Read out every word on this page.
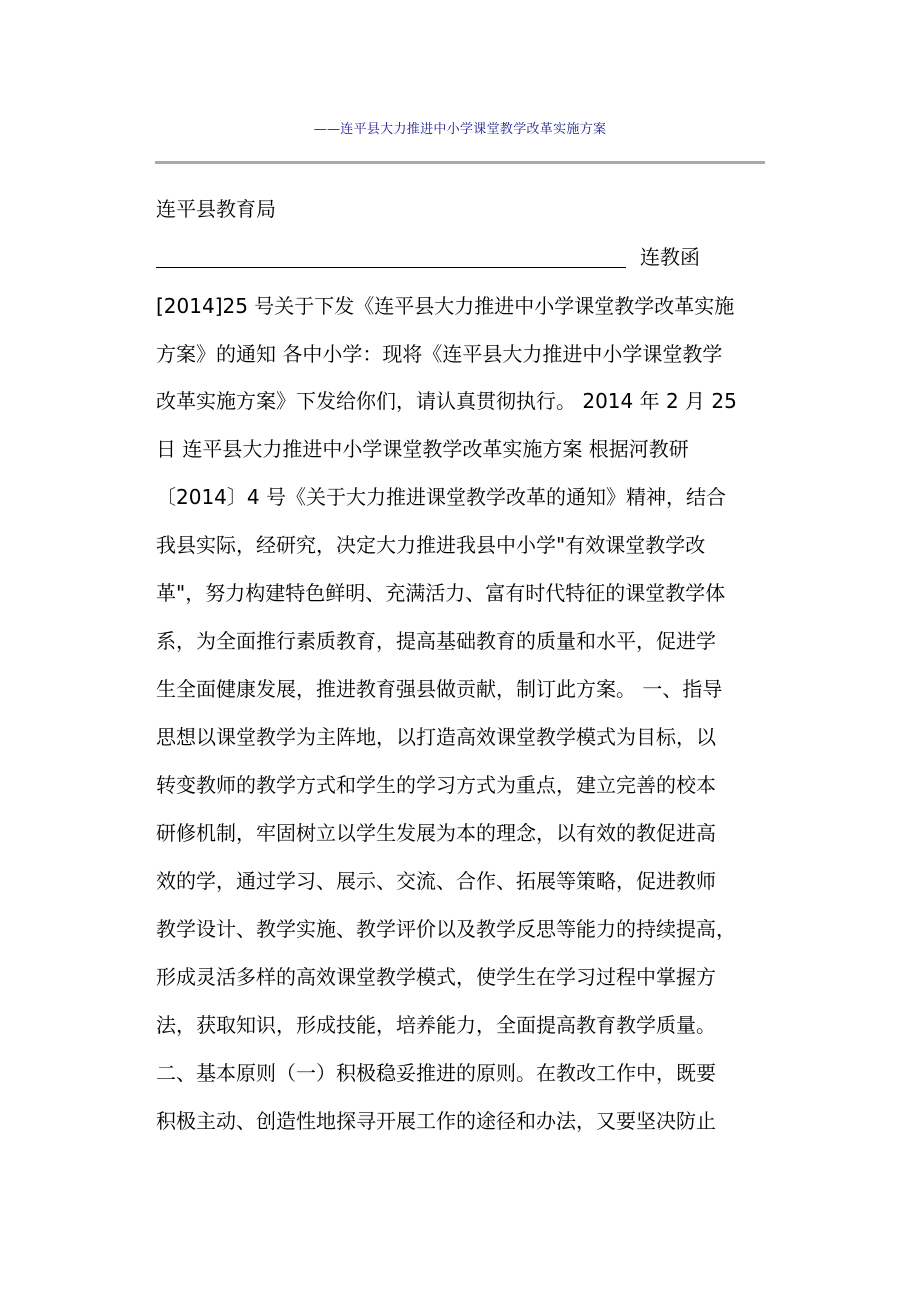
——连平县大力推进中小学课堂教学改革实施方案
连平县教育局
连教函
[2014]25 号关于下发《连平县大力推进中小学课堂教学改革实施
方案》的通知 各中小学：现将《连平县大力推进中小学课堂教学
改革实施方案》下发给你们，请认真贯彻执行。 2014 年 2 月 25
日 连平县大力推进中小学课堂教学改革实施方案 根据河教研
〔2014〕4 号《关于大力推进课堂教学改革的通知》精神，结合
我县实际，经研究，决定大力推进我县中小学"有效课堂教学改
革"，努力构建特色鲜明、充满活力、富有时代特征的课堂教学体
系，为全面推行素质教育，提高基础教育的质量和水平，促进学
生全面健康发展，推进教育强县做贡献，制订此方案。 一、指导
思想以课堂教学为主阵地，以打造高效课堂教学模式为目标，以
转变教师的教学方式和学生的学习方式为重点，建立完善的校本
研修机制，牢固树立以学生发展为本的理念，以有效的教促进高
效的学，通过学习、展示、交流、合作、拓展等策略，促进教师
教学设计、教学实施、教学评价以及教学反思等能力的持续提高，
形成灵活多样的高效课堂教学模式，使学生在学习过程中掌握方
法，获取知识，形成技能，培养能力，全面提高教育教学质量。
二、基本原则（一）积极稳妥推进的原则。在教改工作中，既要
积极主动、创造性地探寻开展工作的途径和办法，又要坚决防止
